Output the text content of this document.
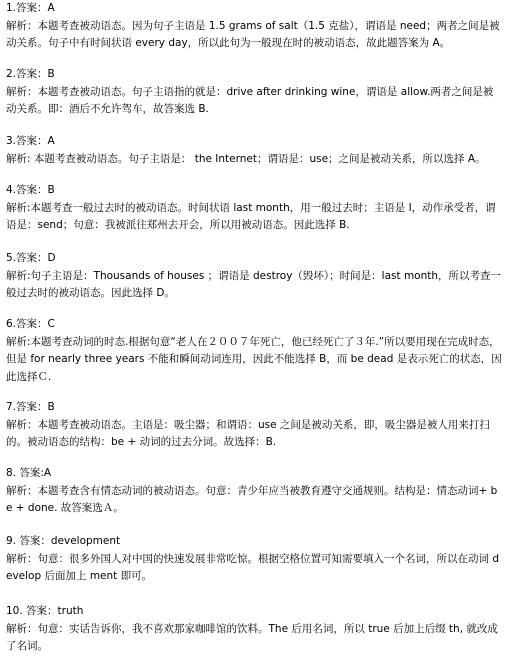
1.答案：A

解析：本题考查被动语态。因为句子主语是 1.5 grams of salt（1.5 克盐），谓语是 need；两者之间是被动关系。句子中有时间状语 every day，所以此句为一般现在时的被动语态，故此题答案为 A。

2.答案：B

解析：本题考查被动语态。句子主语指的就是：drive after drinking wine，谓语是 allow.两者之间是被动关系。即：酒后不允许驾车，故答案选 B.

3.答案：A

解析: 本题考查被动语态。句子主语是： the Internet；谓语是：use；之间是被动关系，所以选择 A。

4.答案：B

解析:本题考查一般过去时的被动语态。时间状语 last month，用一般过去时；主语是 I，动作承受者，谓语是：send；句意：我被派往郑州去开会，所以用被动语态。因此选择 B.

5.答案：D

解析:句子主语是：Thousands of houses ；谓语是 destroy（毁坏）；时间是：last month，所以考查一般过去时的被动语态。因此选择 D。

6.答案：C

解析:本题考查动词的时态.根据句意“老人在２００７年死亡，他已经死亡了３年.”所以要用现在完成时态，但是 for nearly three years 不能和瞬间动词连用，因此不能选择 B，而 be dead 是表示死亡的状态，因此选择Ｃ.

7.答案：B

解析：本题考查被动语态。主语是：吸尘器；和谓语：use 之间是被动关系，即，吸尘器是被人用来打扫的。被动语态的结构：be + 动词的过去分词。故选择：B.

8. 答案:A

解析：本题考查含有情态动词的被动语态。句意：青少年应当被教育遵守交通规则。结构是：情态动词+ be + done. 故答案选Ａ。

9. 答案：development

解析：句意：很多外国人对中国的快速发展非常吃惊。根据空格位置可知需要填入一个名词，所以在动词 develop 后面加上 ment 即可。

10. 答案：truth

解析：句意：实话告诉你，我不喜欢那家咖啡馆的饮料。The 后用名词，所以 true 后加上后缀 th, 就改成了名词。
